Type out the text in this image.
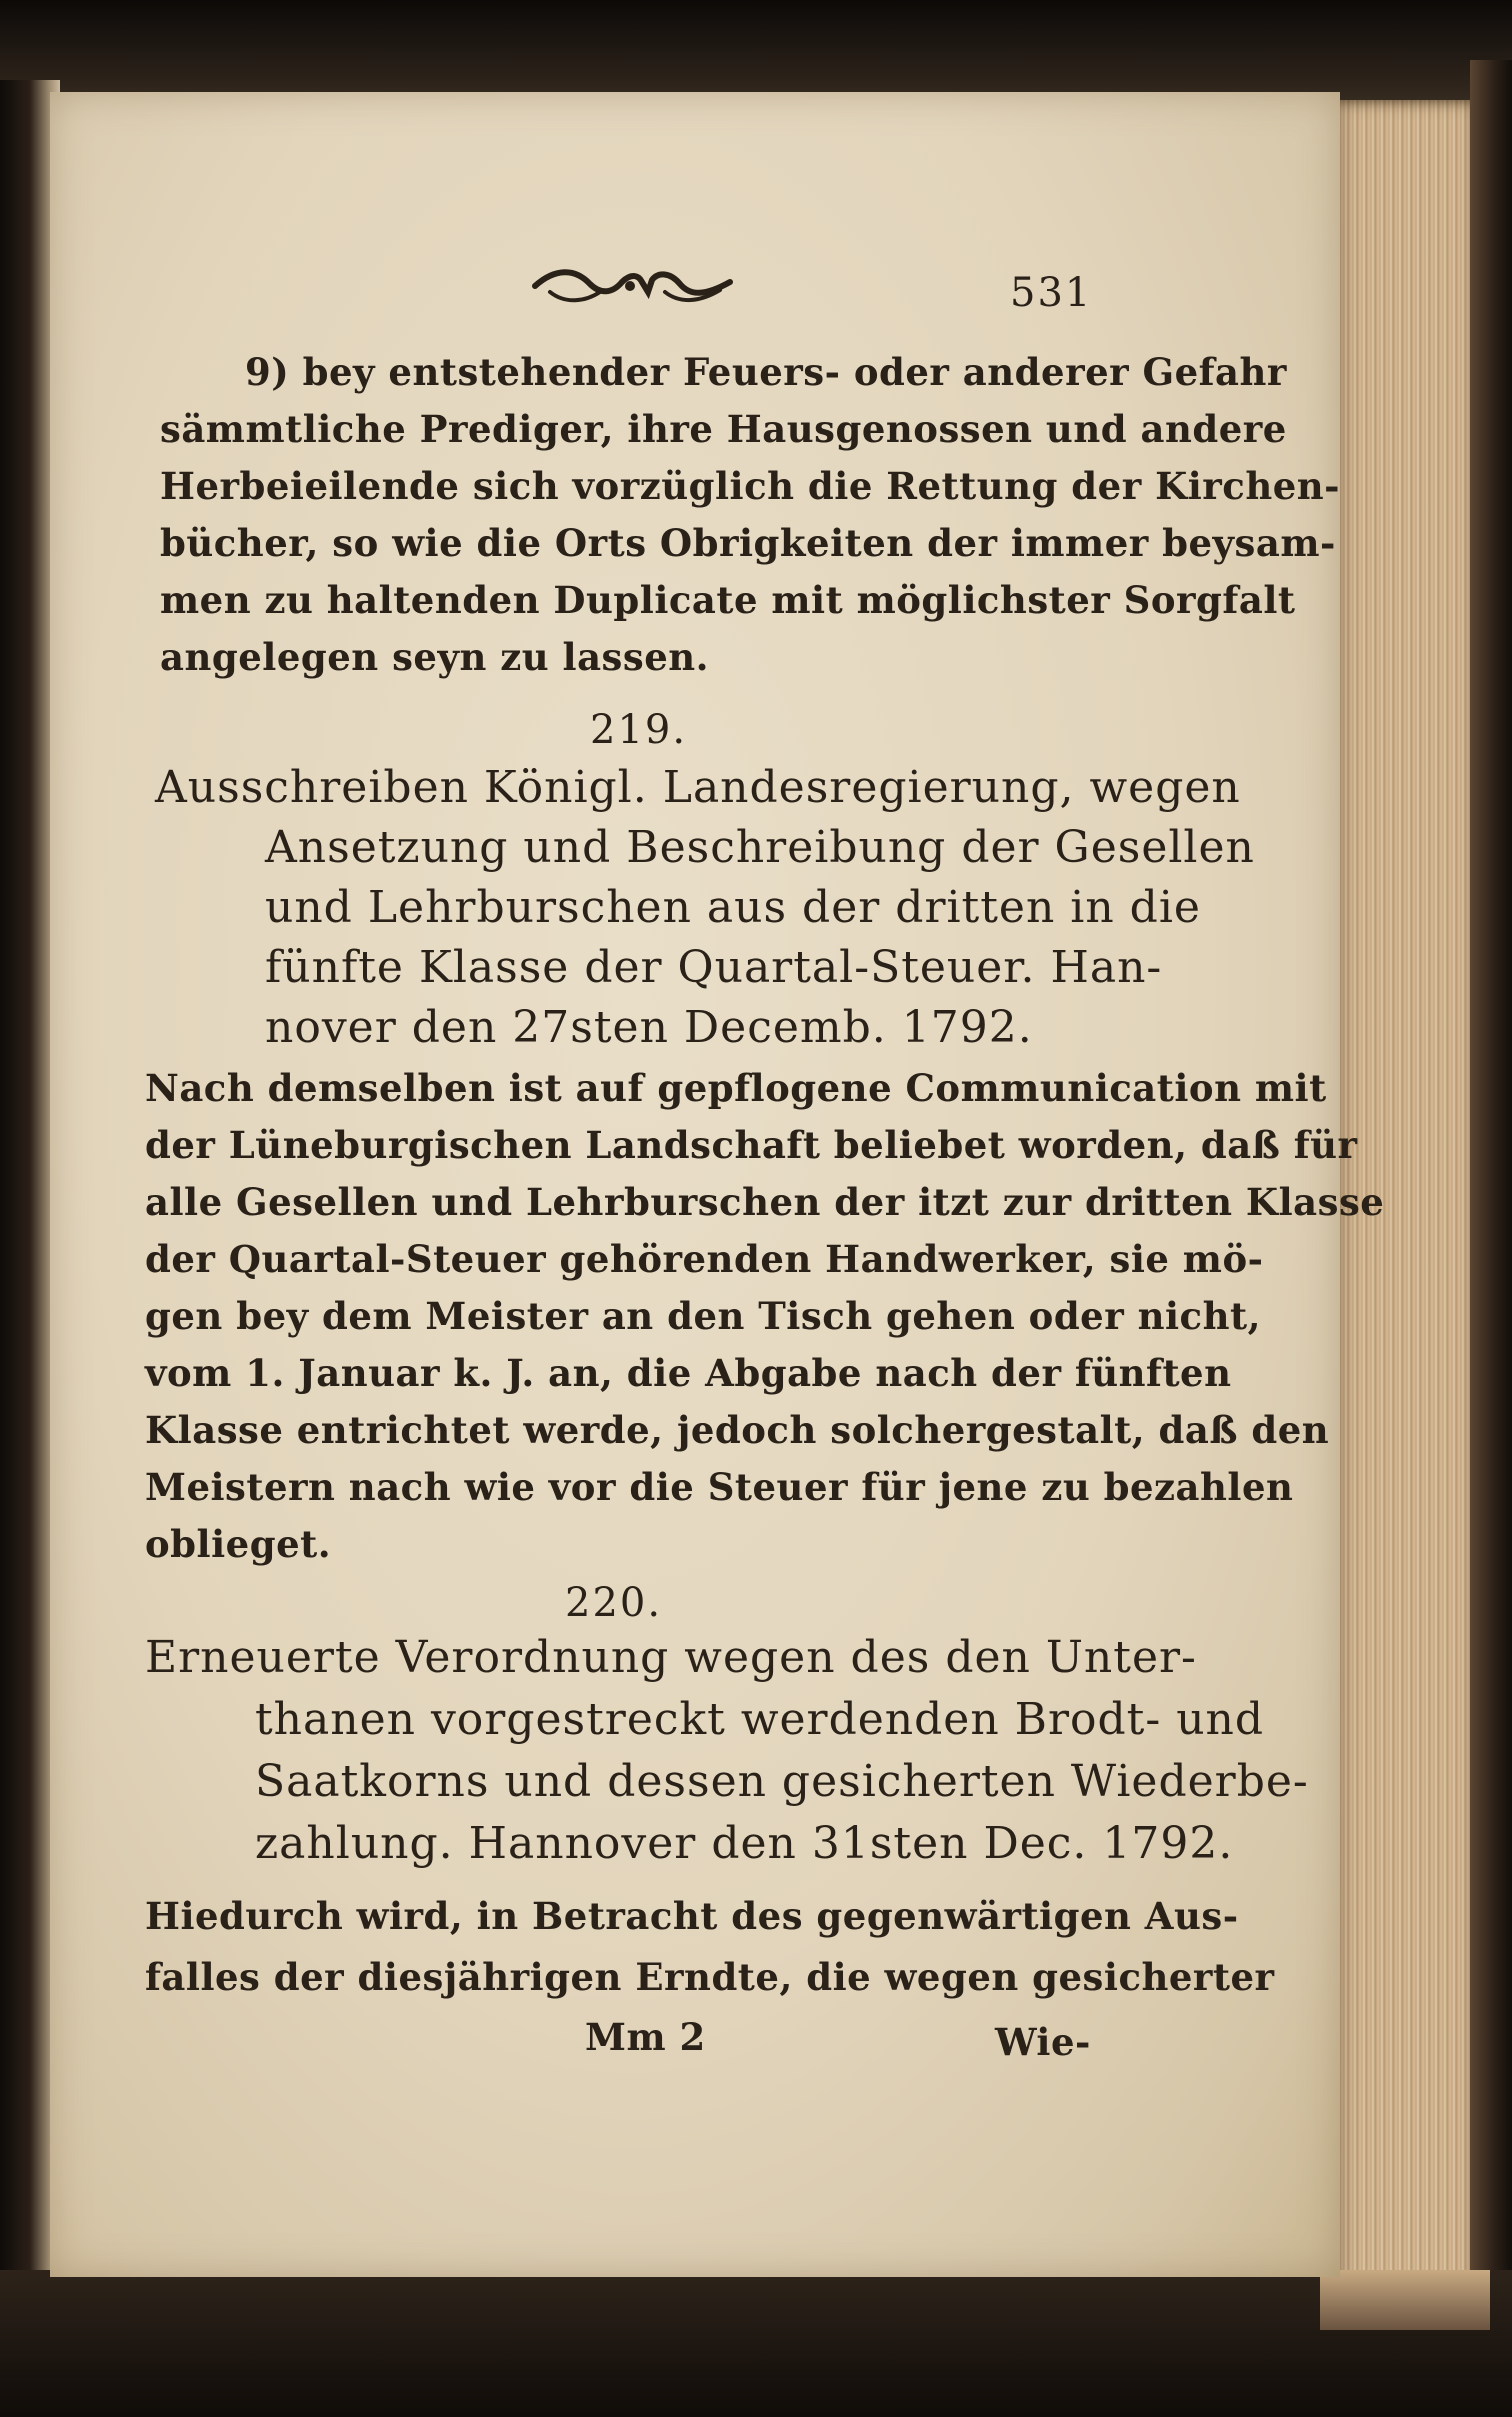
531
9) bey entstehender Feuers- oder anderer Gefahr
sämmtliche Prediger, ihre Hausgenossen und andere
Herbeieilende sich vorzüglich die Rettung der Kirchen-
bücher, so wie die Orts Obrigkeiten der immer beysam-
men zu haltenden Duplicate mit möglichster Sorgfalt
angelegen seyn zu lassen.
219.
Ausschreiben Königl. Landesregierung, wegen
Ansetzung und Beschreibung der Gesellen
und Lehrburschen aus der dritten in die
fünfte Klasse der Quartal-Steuer. Han-
nover den 27sten Decemb. 1792.
Nach demselben ist auf gepflogene Communication mit
der Lüneburgischen Landschaft beliebet worden, daß für
alle Gesellen und Lehrburschen der itzt zur dritten Klasse
der Quartal-Steuer gehörenden Handwerker, sie mö-
gen bey dem Meister an den Tisch gehen oder nicht,
vom 1. Januar k. J. an, die Abgabe nach der fünften
Klasse entrichtet werde, jedoch solchergestalt, daß den
Meistern nach wie vor die Steuer für jene zu bezahlen
oblieget.
220.
Erneuerte Verordnung wegen des den Unter-
thanen vorgestreckt werdenden Brodt- und
Saatkorns und dessen gesicherten Wiederbe-
zahlung. Hannover den 31sten Dec. 1792.
Hiedurch wird, in Betracht des gegenwärtigen Aus-
falles der diesjährigen Erndte, die wegen gesicherter
Mm 2	Wie-
